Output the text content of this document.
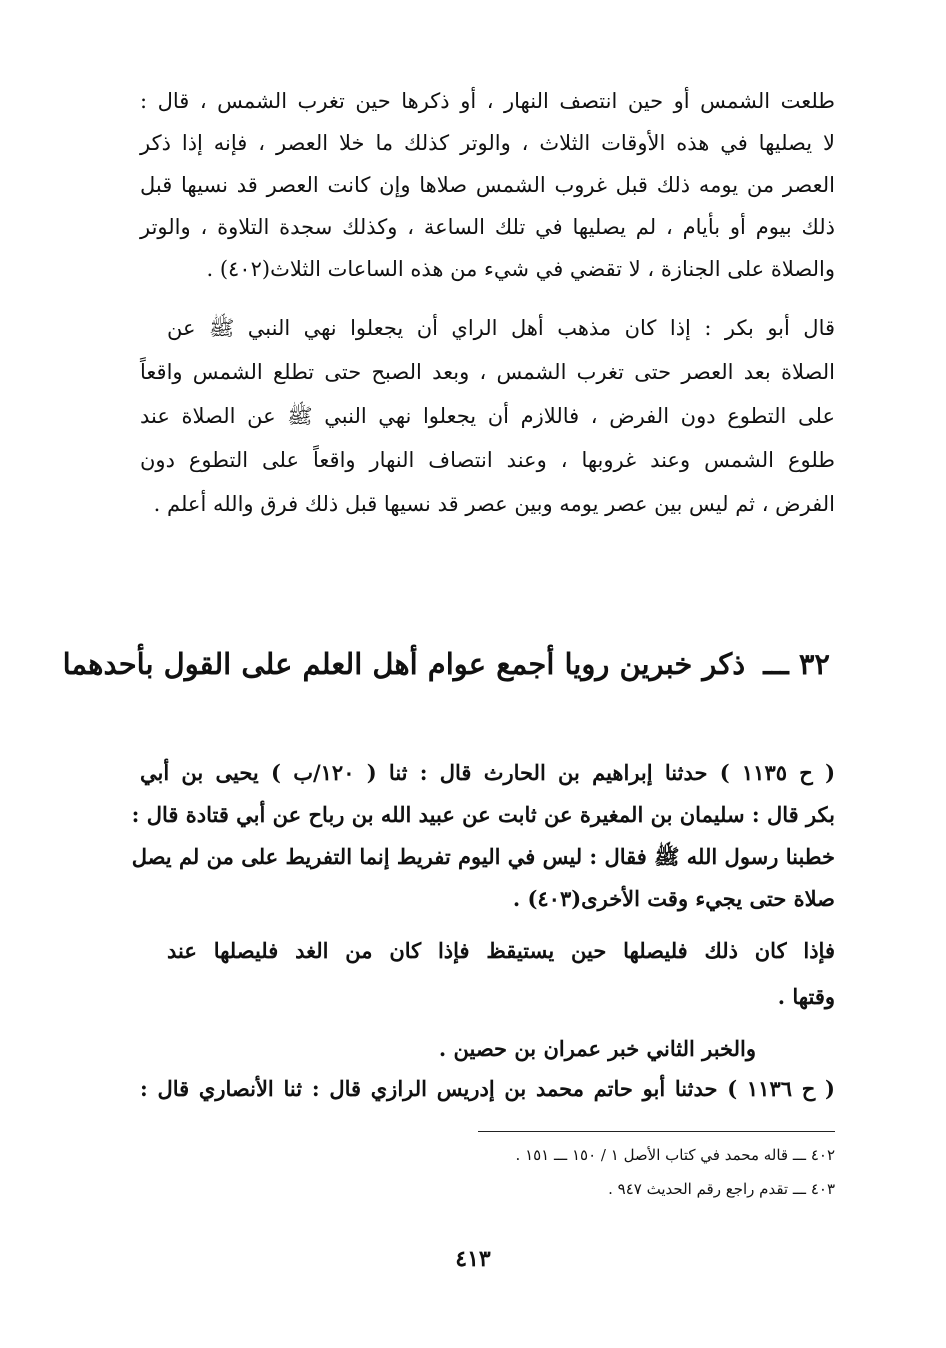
طلعت الشمس أو حين انتصف النهار ، أو ذكرها حين تغرب الشمس ، قال :
لا يصليها في هذه الأوقات الثلاث ، والوتر كذلك ما خلا العصر ، فإنه إذا ذكر
العصر من يومه ذلك قبل غروب الشمس صلاها وإن كانت العصر قد نسيها قبل
ذلك بيوم أو بأيام ، لم يصليها في تلك الساعة ، وكذلك سجدة التلاوة ، والوتر
والصلاة على الجنازة ، لا تقضي في شيء من هذه الساعات الثلاث(٤٠٢) .
قال أبو بكر : إذا كان مذهب أهل الراي أن يجعلوا نهي النبي ﷺ عن
الصلاة بعد العصر حتى تغرب الشمس ، وبعد الصبح حتى تطلع الشمس واقعاً
على التطوع دون الفرض ، فاللازم أن يجعلوا نهي النبي ﷺ عن الصلاة عند
طلوع الشمس وعند غروبها ، وعند انتصاف النهار واقعاً على التطوع دون
الفرض ، ثم ليس بين عصر يومه وبين عصر قد نسيها قبل ذلك فرق والله أعلم .
٣٢ ـــ ذكر خبرين رويا أجمع عوام أهل العلم على القول بأحدهما
( ح ١١٣٥ ) حدثنا إبراهيم بن الحارث قال : ثنا ( ١٢٠/ب ) يحيى بن أبي
بكر قال : سليمان بن المغيرة عن ثابت عن عبيد الله بن رباح عن أبي قتادة قال :
خطبنا رسول الله ﷺ فقال : ليس في اليوم تفريط إنما التفريط على من لم يصل
صلاة حتى يجيء وقت الأخرى(٤٠٣) .
فإذا كان ذلك فليصلها حين يستيقظ فإذا كان من الغد فليصلها عند
وقتها .
والخبر الثاني خبر عمران بن حصين .
( ح ١١٣٦ ) حدثنا أبو حاتم محمد بن إدريس الرازي قال : ثنا الأنصاري قال :
٤٠٢ ـــ قاله محمد في كتاب الأصل ١ / ١٥٠ ـــ ١٥١ .
٤٠٣ ـــ تقدم راجع رقم الحديث ٩٤٧ .
٤١٣
